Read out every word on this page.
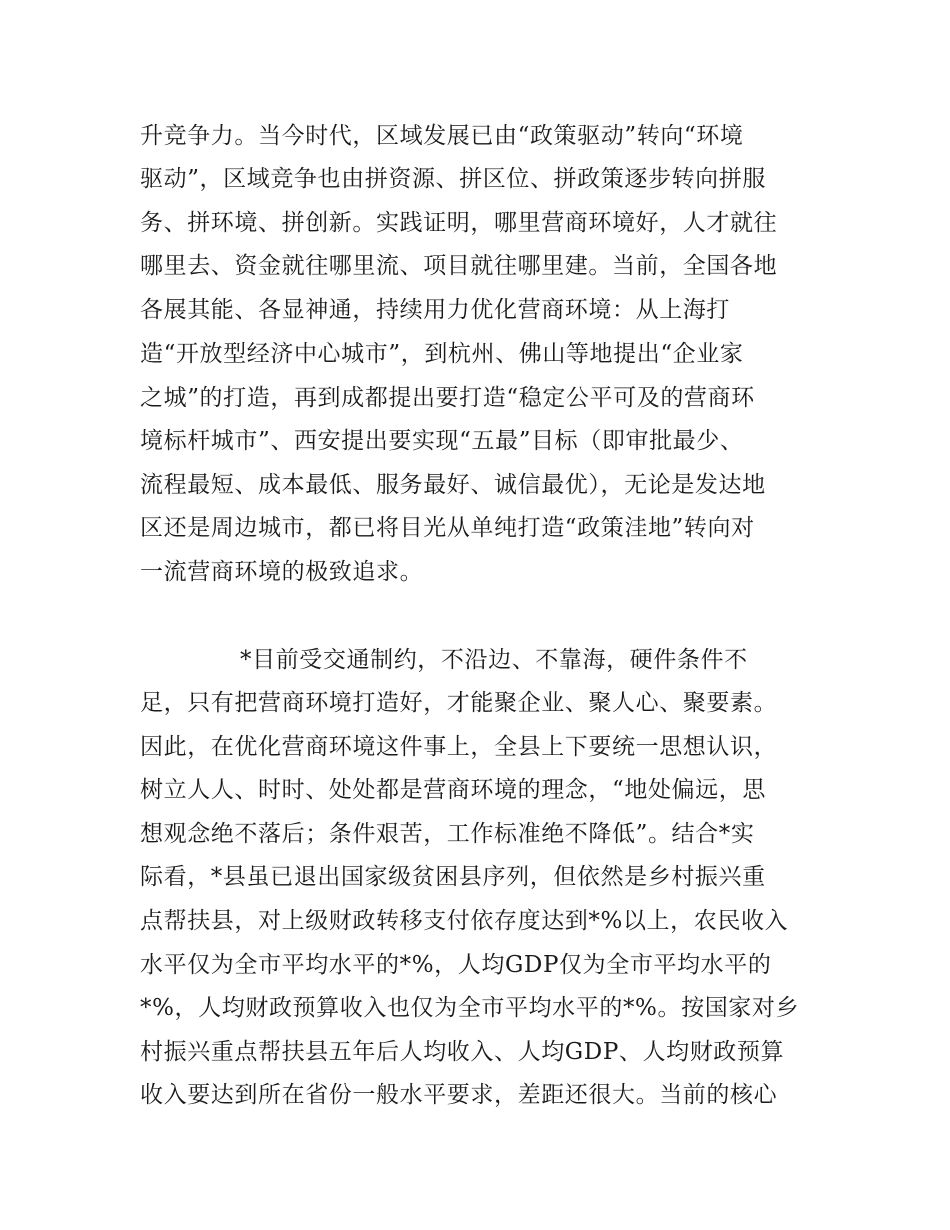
升竞争力。当今时代，区域发展已由“政策驱动”转向“环境
驱动”，区域竞争也由拼资源、拼区位、拼政策逐步转向拼服
务、拼环境、拼创新。实践证明，哪里营商环境好，人才就往
哪里去、资金就往哪里流、项目就往哪里建。当前，全国各地
各展其能、各显神通，持续用力优化营商环境：从上海打
造“开放型经济中心城市”，到杭州、佛山等地提出“企业家
之城”的打造，再到成都提出要打造“稳定公平可及的营商环
境标杆城市”、西安提出要实现“五最”目标（即审批最少、
流程最短、成本最低、服务最好、诚信最优），无论是发达地
区还是周边城市，都已将目光从单纯打造“政策洼地”转向对
一流营商环境的极致追求。
*目前受交通制约，不沿边、不靠海，硬件条件不
足，只有把营商环境打造好，才能聚企业、聚人心、聚要素。
因此，在优化营商环境这件事上，全县上下要统一思想认识，
树立人人、时时、处处都是营商环境的理念，“地处偏远，思
想观念绝不落后；条件艰苦，工作标准绝不降低”。结合*实
际看，*县虽已退出国家级贫困县序列，但依然是乡村振兴重
点帮扶县，对上级财政转移支付依存度达到*%以上，农民收入
水平仅为全市平均水平的*%，人均GDP仅为全市平均水平的
*%，人均财政预算收入也仅为全市平均水平的*%。按国家对乡
村振兴重点帮扶县五年后人均收入、人均GDP、人均财政预算
收入要达到所在省份一般水平要求，差距还很大。当前的核心
